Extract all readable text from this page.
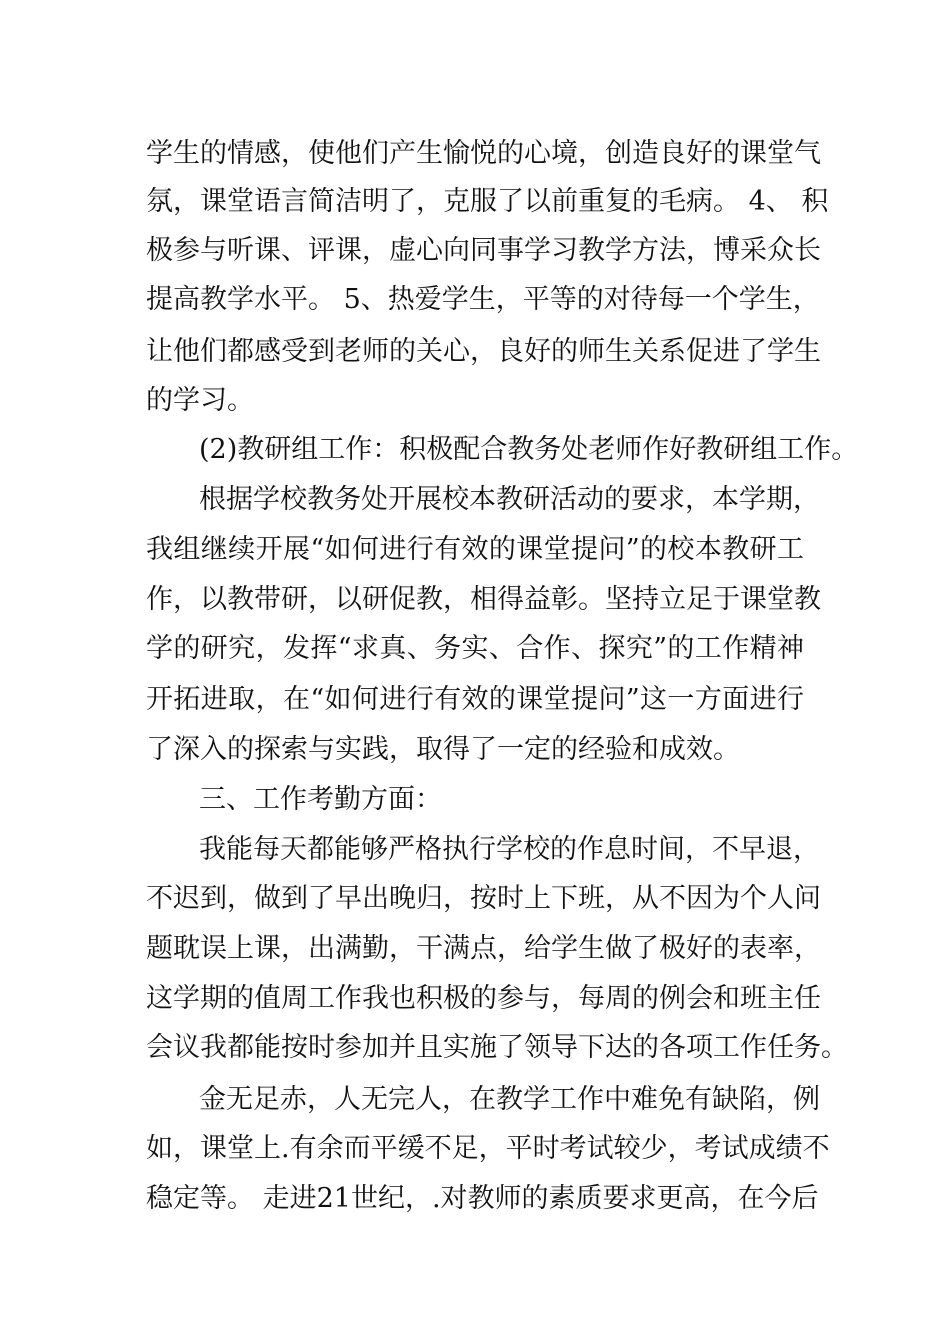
学生的情感，使他们产生愉悦的心境，创造良好的课堂气
氛，课堂语言简洁明了，克服了以前重复的毛病。 4、 积
极参与听课、评课，虚心向同事学习教学方法，博采众长
提高教学水平。 5、热爱学生，平等的对待每一个学生，
让他们都感受到老师的关心，良好的师生关系促进了学生
的学习。
(2)教研组工作：积极配合教务处老师作好教研组工作。
根据学校教务处开展校本教研活动的要求，本学期，
我组继续开展“如何进行有效的课堂提问”的校本教研工
作，以教带研，以研促教，相得益彰。坚持立足于课堂教
学的研究，发挥“求真、务实、合作、探究”的工作精神
开拓进取，在“如何进行有效的课堂提问”这一方面进行
了深入的探索与实践，取得了一定的经验和成效。
三、工作考勤方面：
我能每天都能够严格执行学校的作息时间，不早退，
不迟到，做到了早出晚归，按时上下班，从不因为个人问
题耽误上课，出满勤，干满点，给学生做了极好的表率，
这学期的值周工作我也积极的参与，每周的例会和班主任
会议我都能按时参加并且实施了领导下达的各项工作任务。
金无足赤，人无完人，在教学工作中难免有缺陷，例
如，课堂上.有余而平缓不足，平时考试较少，考试成绩不
稳定等。 走进21世纪，.对教师的素质要求更高，在今后
